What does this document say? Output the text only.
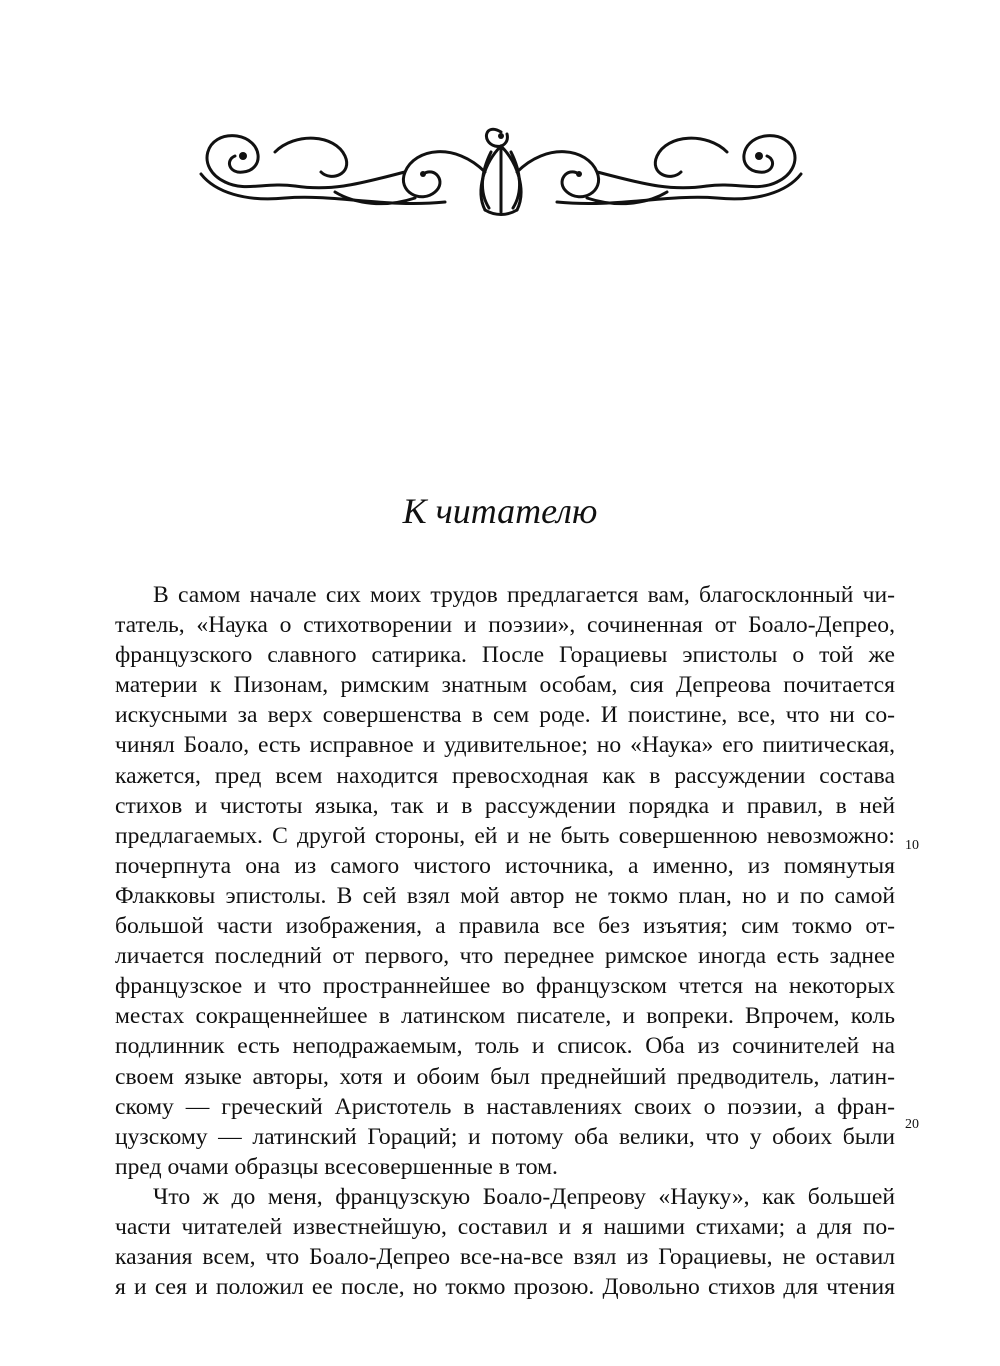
К читателю
В самом начале сих моих трудов предлагается вам, благосклонный чи-
татель, «Наука о стихотворении и поэзии», сочиненная от Боало-Депрео,
французского славного сатирика. После Горациевы эпистолы о той же
материи к Пизонам, римским знатным особам, сия Депреова почитается
искусными за верх совершенства в сем роде. И поистине, все, что ни со-
чинял Боало, есть исправное и удивительное; но «Наука» его пиитическая,
кажется, пред всем находится превосходная как в рассуждении состава
стихов и чистоты языка, так и в рассуждении порядка и правил, в ней
предлагаемых. С другой стороны, ей и не быть совершенною невозможно:
почерпнута она из самого чистого источника, а именно, из помянутыя
Флакковы эпистолы. В сей взял мой автор не токмо план, но и по самой
большой части изображения, а правила все без изъятия; сим токмо от-
личается последний от первого, что переднее римское иногда есть заднее
французское и что пространнейшее во французском чтется на некоторых
местах сокращеннейшее в латинском писателе, и вопреки. Впрочем, коль
подлинник есть неподражаемым, толь и список. Оба из сочинителей на
своем языке авторы, хотя и обоим был преднейший предводитель, латин-
скому — греческий Аристотель в наставлениях своих о поэзии, а фран-
цузскому — латинский Гораций; и потому оба велики, что у обоих были
пред очами образцы всесовершенные в том.
Что ж до меня, французскую Боало-Депреову «Науку», как большей
части читателей известнейшую, составил и я нашими стихами; а для по-
казания всем, что Боало-Депрео все-на-все взял из Горациевы, не оставил
я и сея и положил ее после, но токмо прозою. Довольно стихов для чтения
10
20
